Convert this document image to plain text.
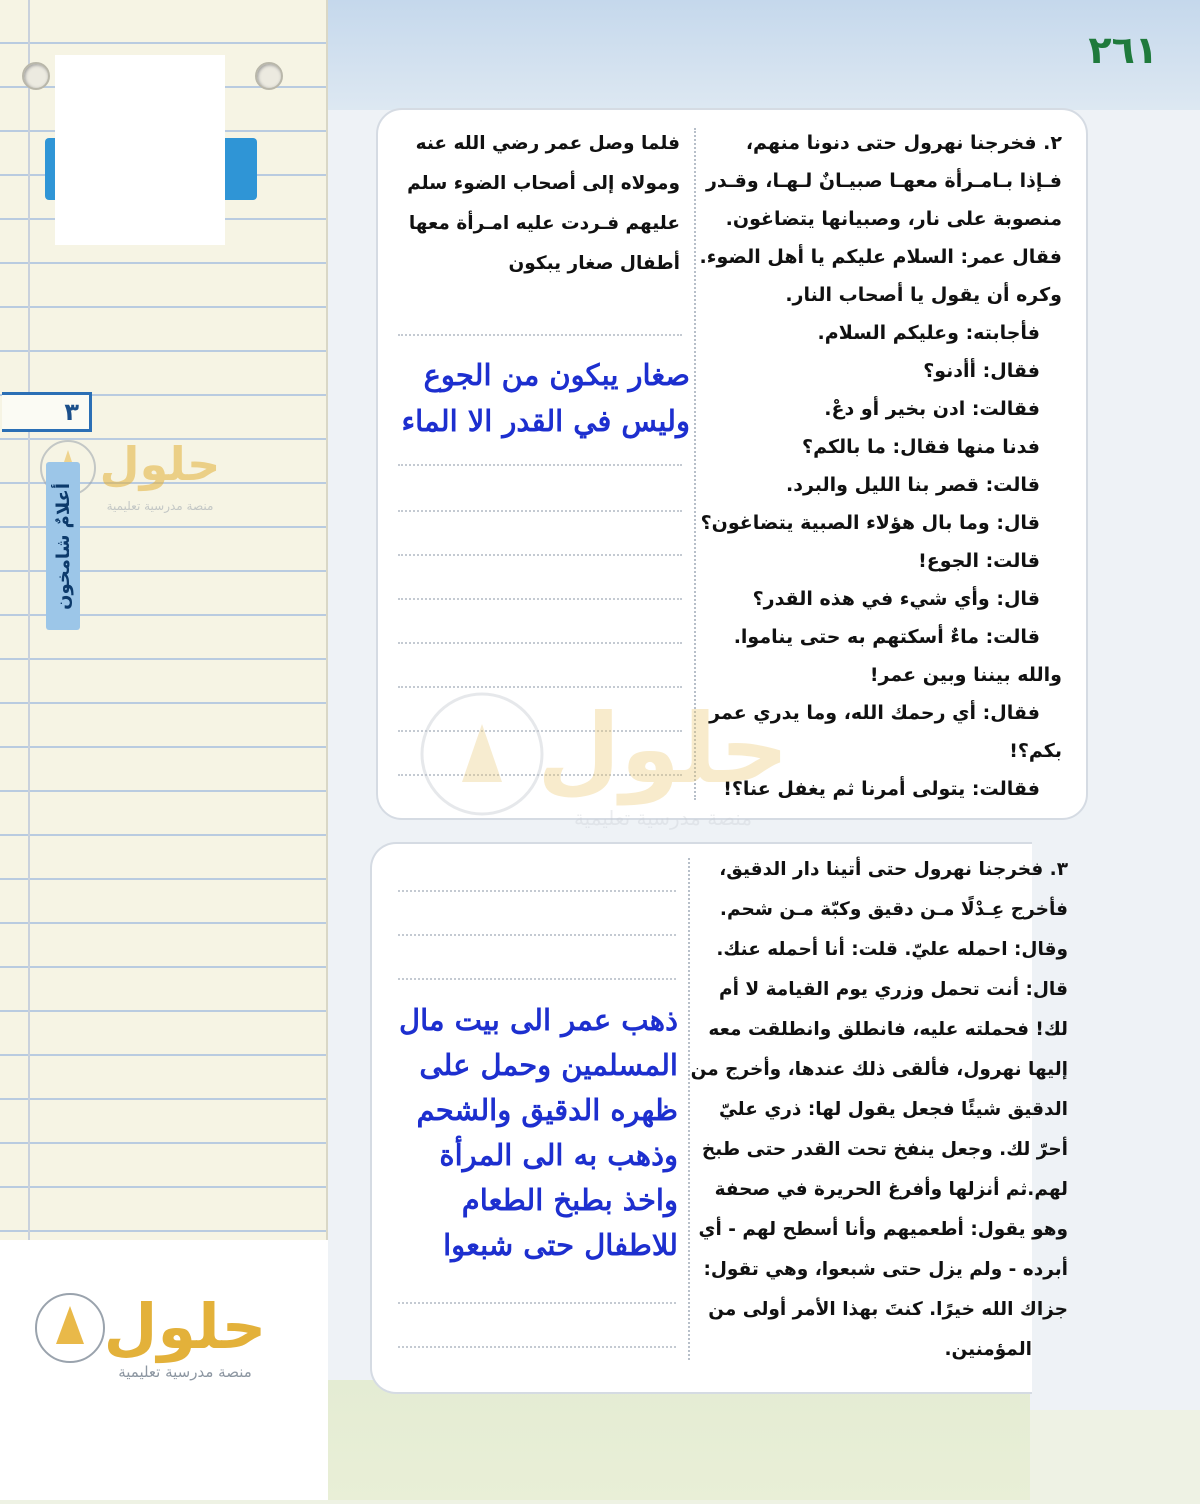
٣
حلول
منصة مدرسية تعليمية
أعلامٌ شامخون
حلول
منصة مدرسية تعليمية
٢٦١

٢. فخرجنا نهرول حتى دنونا منهم،

فـإذا بـامـرأة معهـا صبيـانٌ لـهـا، وقـدر

منصوبة على نار، وصبيانها يتضاغون.

فقال عمر: السلام عليكم يا أهل الضوء.

وكره أن يقول يا أصحاب النار.

فأجابته: وعليكم السلام.

فقال: أأدنو؟

فقالت: ادن بخير أو دعْ.

فدنا منها فقال: ما بالكم؟

قالت: قصر بنا الليل والبرد.

قال: وما بال هؤلاء الصبية يتضاغون؟

قالت: الجوع!

قال: وأي شيء في هذه القدر؟

قالت: ماءٌ أسكتهم به حتى يناموا.

والله بيننا وبين عمر!

فقال: أي رحمك الله، وما يدري عمر

بكم؟!

فقالت: يتولى أمرنا ثم يغفل عنا؟!

فلما وصل عمر رضي الله عنه

ومولاه إلى أصحاب الضوء سلم

عليهم فـردت عليه امـرأة معها

أطفال صغار يبكون

صغار يبكون من الجوع

وليس في القدر الا الماء

حلول
منصة مدرسية تعليمية

٣. فخرجنا نهرول حتى أتينا دار الدقيق،

فأخرج عِـدْلًا مـن دقيق وكبّة مـن شحم.

وقال: احمله عليّ. قلت: أنا أحمله عنك.

قال: أنت تحمل وزري يوم القيامة لا أم

لك! فحملته عليه، فانطلق وانطلقت معه

إليها نهرول، فألقى ذلك عندها، وأخرج من

الدقيق شيئًا فجعل يقول لها: ذري عليّ

أحرّ لك. وجعل ينفخ تحت القدر حتى طبخ

لهم.ثم أنزلها وأفرغ الحريرة في صحفة

وهو يقول: أطعميهم وأنا أسطح لهم - أي

أبرده - ولم يزل حتى شبعوا، وهي تقول:

جزاك الله خيرًا. كنتَ بهذا الأمر أولى من

المؤمنين.

ذهب عمر الى بيت مال

المسلمين وحمل على

ظهره الدقيق والشحم

وذهب به الى المرأة

واخذ بطبخ الطعام

للاطفال حتى شبعوا
